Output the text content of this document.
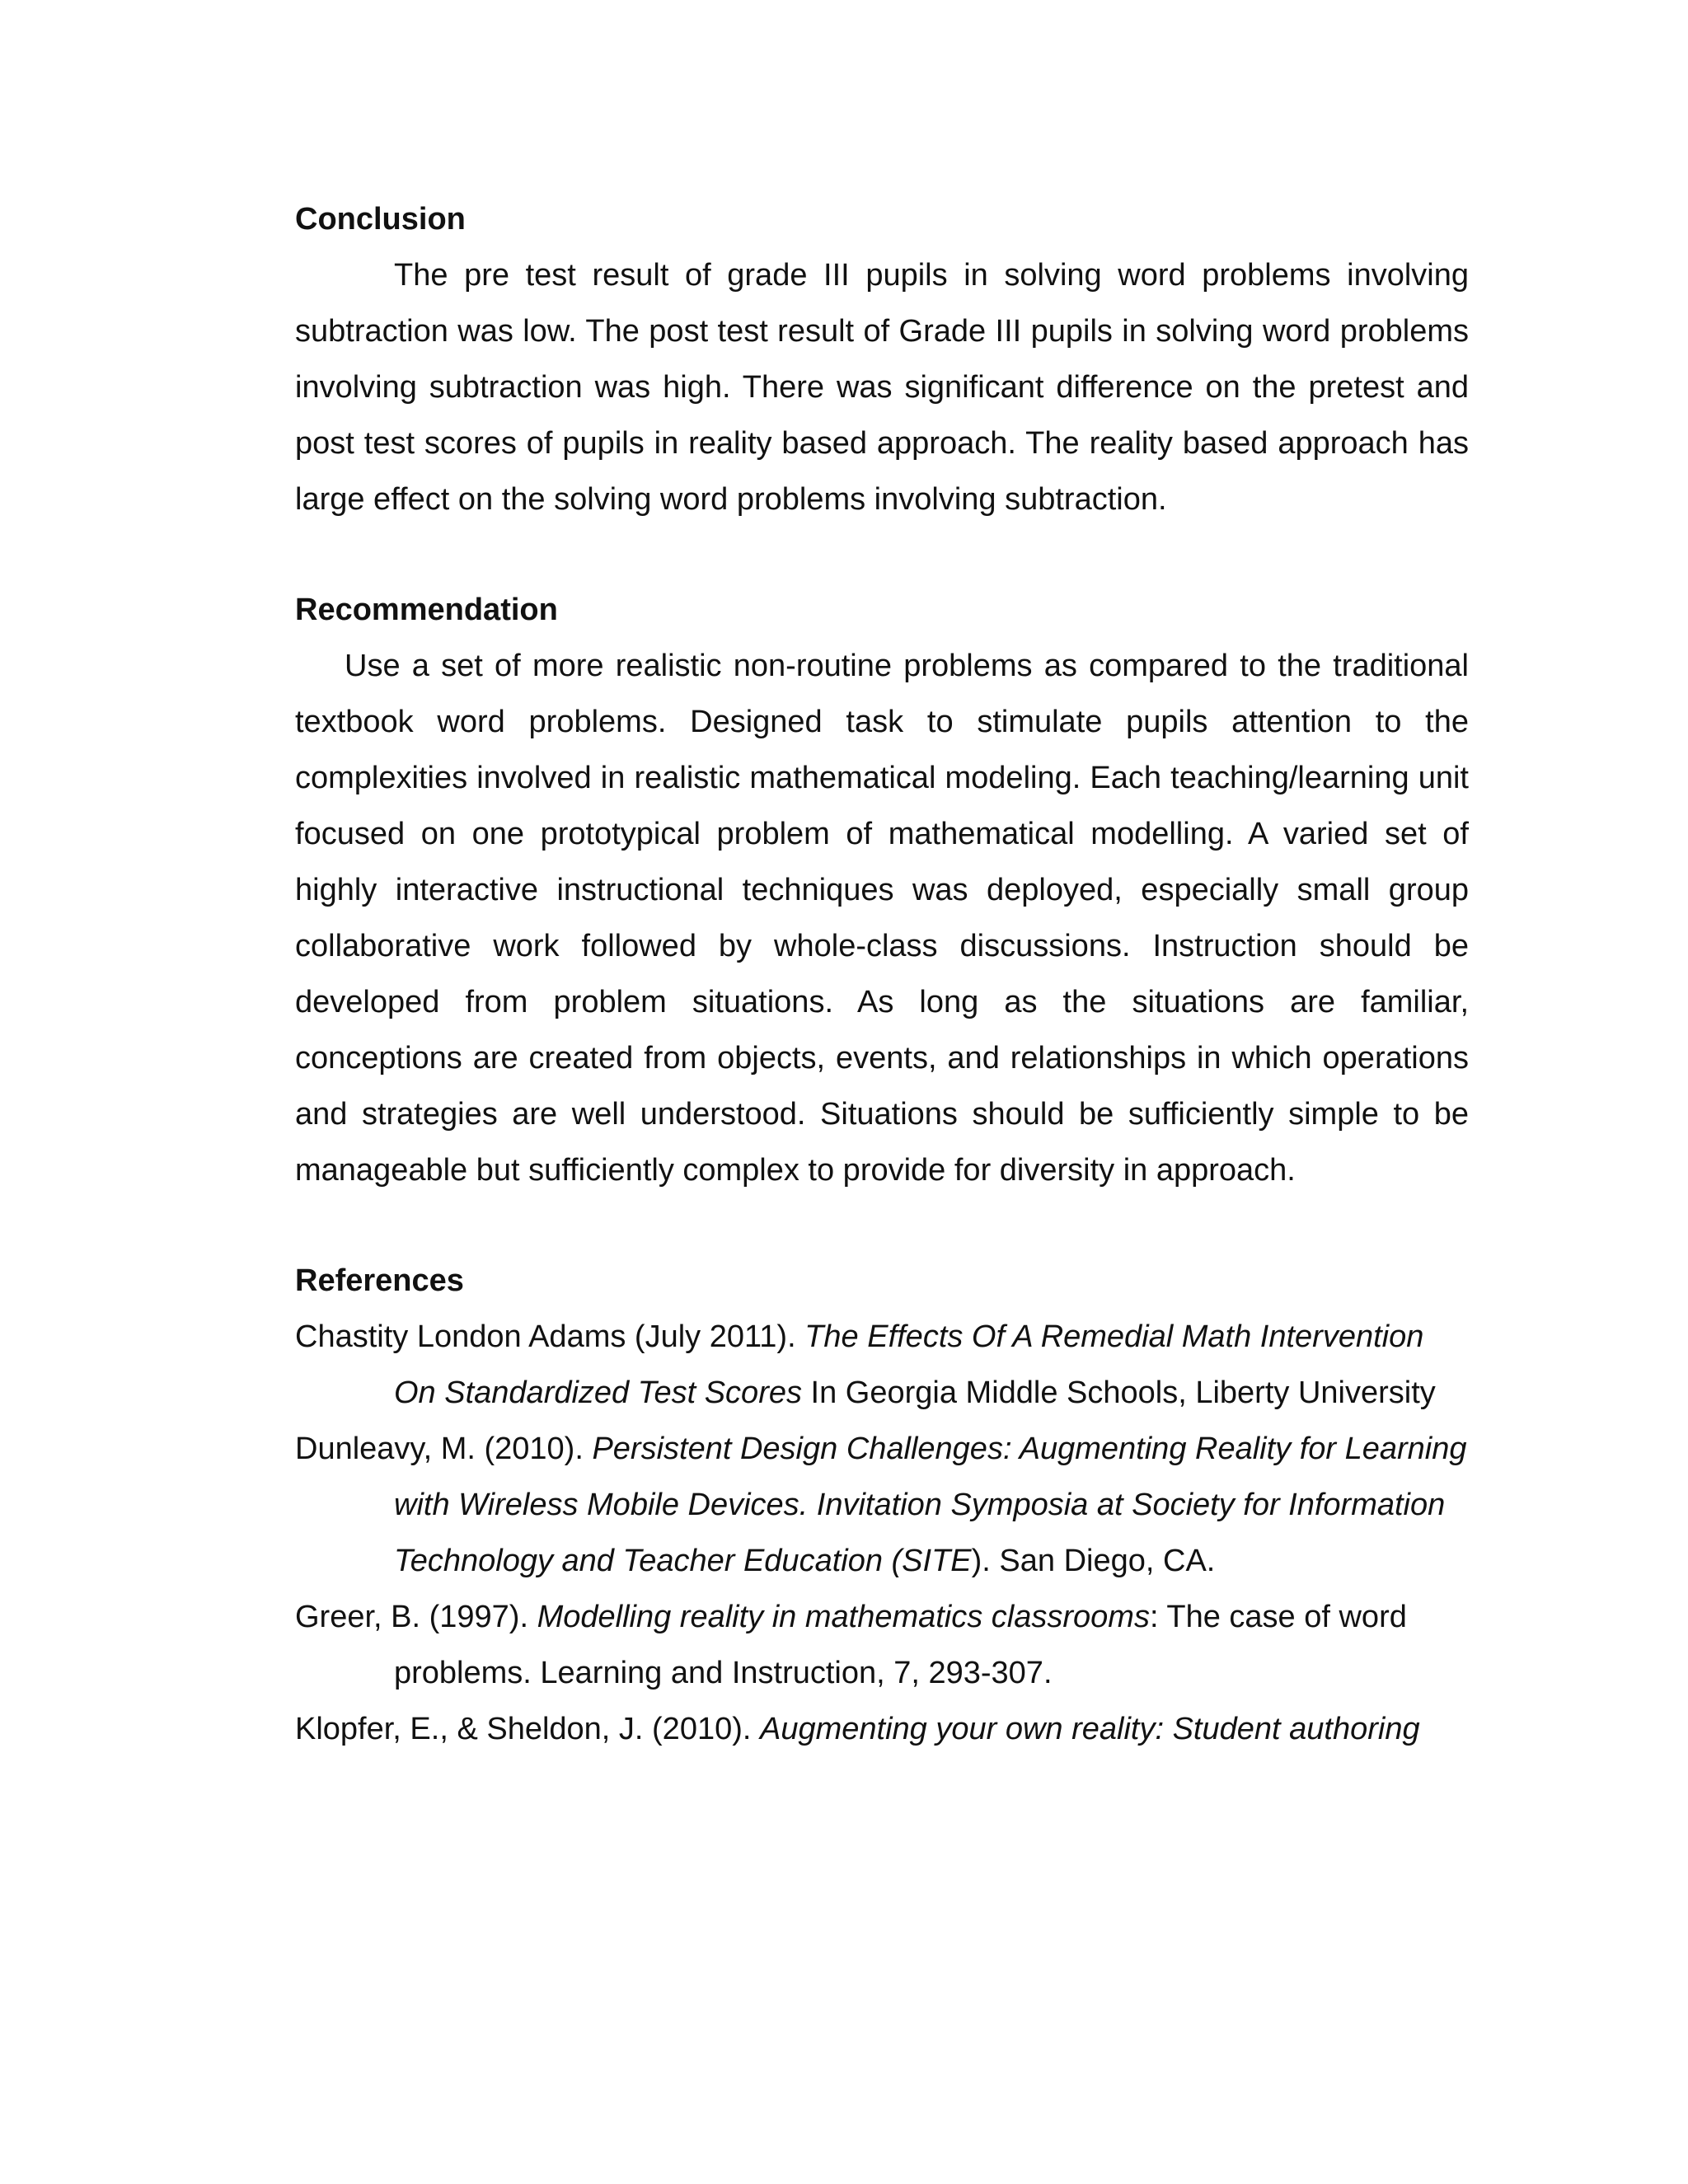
Conclusion

The pre test result of grade III pupils in solving word problems involving subtraction was low. The post test result of Grade III pupils in solving word problems involving subtraction was high. There was significant difference on the pretest and post test scores of pupils in reality based approach. The reality based approach has large effect on the solving word problems involving subtraction.

Recommendation

Use a set of more realistic non-routine problems as compared to the traditional textbook word problems. Designed task to stimulate pupils attention to the complexities involved in realistic mathematical modeling. Each teaching/learning unit focused on one prototypical problem of mathematical modelling. A varied set of highly interactive instructional techniques was deployed, especially small group collaborative work followed by whole-class discussions. Instruction should be developed from problem situations. As long as the situations are familiar, conceptions are created from objects, events, and relationships in which operations and strategies are well understood. Situations should be sufficiently simple to be manageable but sufficiently complex to provide for diversity in approach.

References

Chastity London Adams (July 2011). The Effects Of A Remedial Math Intervention On Standardized Test Scores In Georgia Middle Schools, Liberty University

Dunleavy, M. (2010). Persistent Design Challenges: Augmenting Reality for Learning with Wireless Mobile Devices. Invitation Symposia at Society for Information Technology and Teacher Education (SITE). San Diego, CA.

Greer, B. (1997). Modelling reality in mathematics classrooms: The case of word problems. Learning and Instruction, 7, 293-307.

Klopfer, E., & Sheldon, J. (2010). Augmenting your own reality: Student authoring
